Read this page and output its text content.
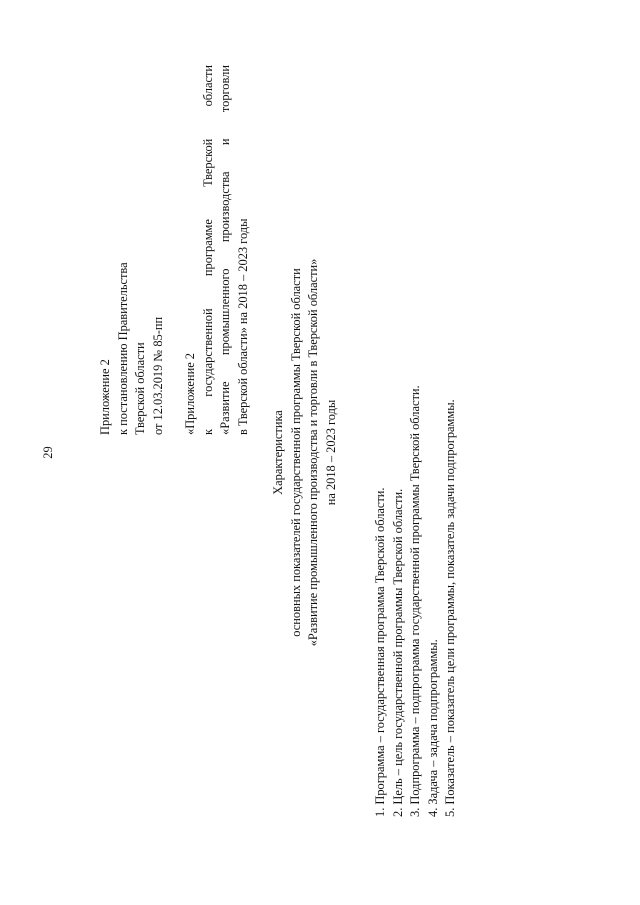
29

Приложение 2 к постановлению Правительства Тверской области от 12.03.2019 № 85-пп «Приложение 2 к государственной программе Тверской области «Развитие промышленного производства и торговли в Тверской области» на 2018 – 2023 годы

Характеристика основных показателей государственной программы Тверской области «Развитие промышленного производства и торговли в Тверской области» на 2018 – 2023 годы

1. Программа – государственная программа Тверской области. 2. Цель – цель государственной программы Тверской области. 3. Подпрограмма – подпрограмма государственной программы Тверской области. 4. Задача – задача подпрограммы. 5. Показатель – показатель цели программы, показатель задачи подпрограммы.
